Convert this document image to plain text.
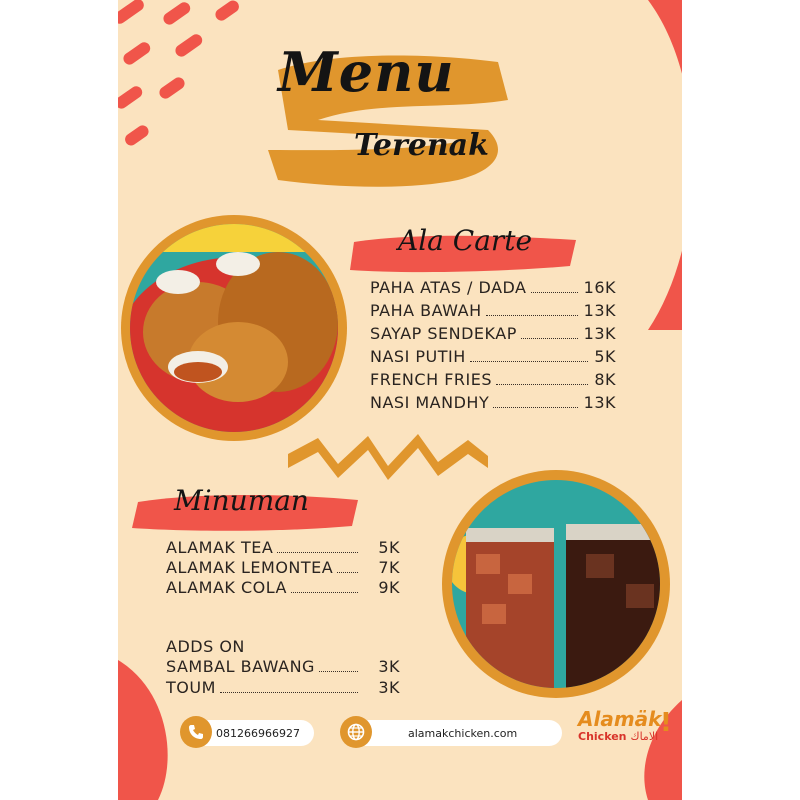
Menu
Terenak
Ala Carte
PAHA ATAS / DADA	16K
PAHA BAWAH	13K
SAYAP SENDEKAP	13K
NASI PUTIH	5K
FRENCH FRIES	8K
NASI MANDHY	13K
Minuman
ALAMAK TEA	5K
ALAMAK LEMONTEA	7K
ALAMAK COLA	9K
ADDS ON
SAMBAL BAWANG	3K
TOUM	3K
081266966927	alamakchicken.com
Alamäk
Chicken الاماك !
